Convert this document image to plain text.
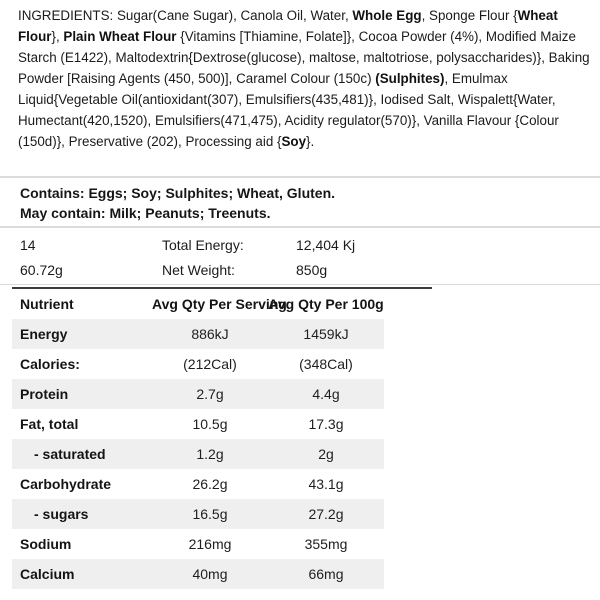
INGREDIENTS: Sugar(Cane Sugar), Canola Oil, Water, Whole Egg, Sponge Flour {Wheat Flour}, Plain Wheat Flour {Vitamins [Thiamine, Folate]}, Cocoa Powder (4%), Modified Maize Starch (E1422), Maltodextrin{Dextrose(glucose), maltose, maltotriose, polysaccharides)}, Baking Powder [Raising Agents (450, 500)], Caramel Colour (150c) (Sulphites), Emulmax Liquid{Vegetable Oil(antioxidant(307), Emulsifiers(435,481)}, Iodised Salt, Wispalett{Water, Humectant(420,1520), Emulsifiers(471,475), Acidity regulator(570)}, Vanilla Flavour {Colour (150d)}, Preservative (202), Processing aid {Soy}.

Contains: Eggs; Soy; Sulphites; Wheat, Gluten.
May contain: Milk; Peanuts; Treenuts.
14	Total Energy:	12,404 Kj
60.72g	Net Weight:	850g
Nutrient	Avg Qty Per Serving	Avg Qty Per 100g
Energy	886kJ	1459kJ
Calories:	(212Cal)	(348Cal)
Protein	2.7g	4.4g
Fat, total	10.5g	17.3g
- saturated	1.2g	2g
Carbohydrate	26.2g	43.1g
- sugars	16.5g	27.2g
Sodium	216mg	355mg
Calcium	40mg	66mg
